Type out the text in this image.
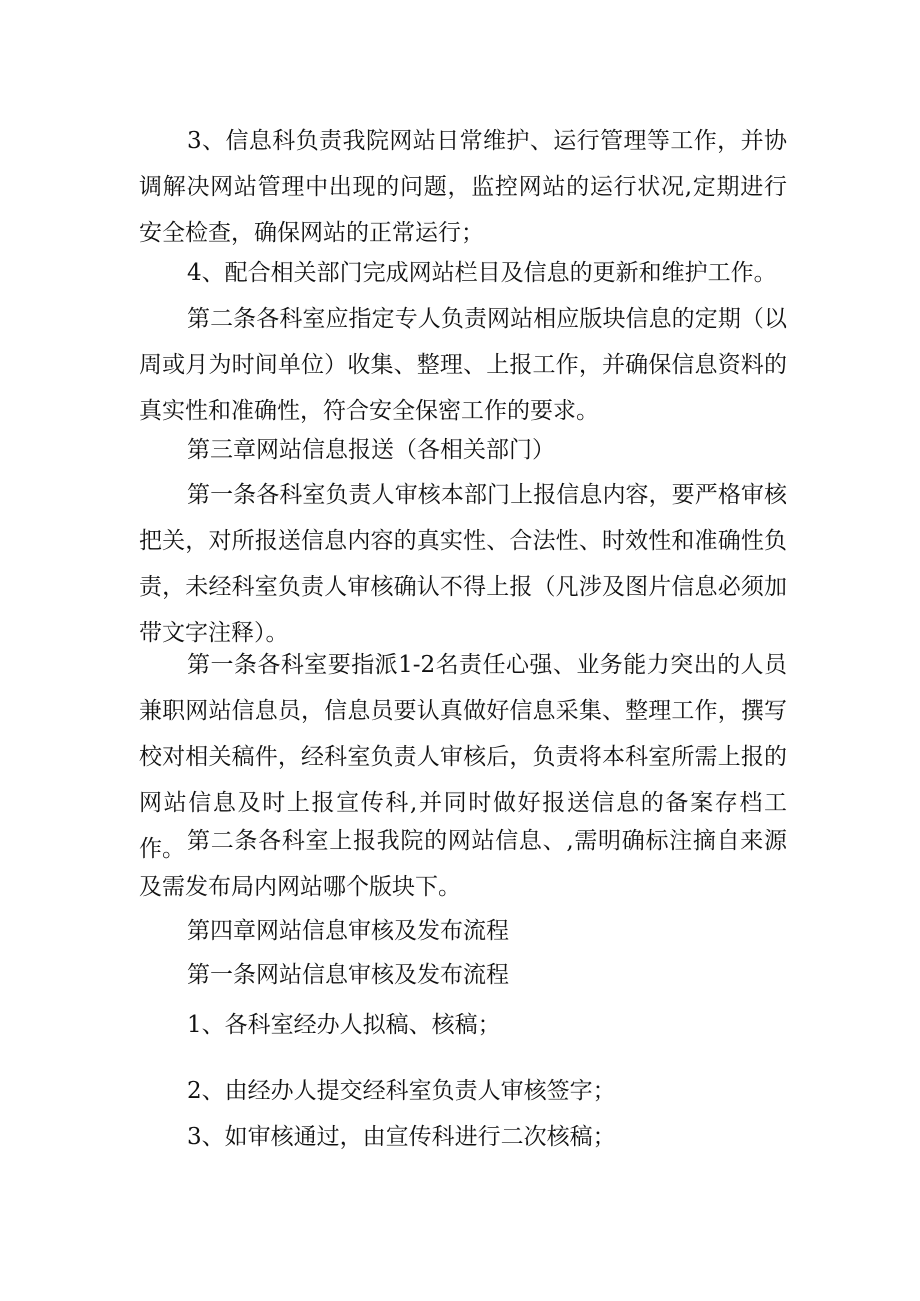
3、信息科负责我院网站日常维护、运行管理等工作，并协调解决网站管理中出现的问题，监控网站的运行状况,定期进行安全检查，确保网站的正常运行；

4、配合相关部门完成网站栏目及信息的更新和维护工作。

第二条各科室应指定专人负责网站相应版块信息的定期（以周或月为时间单位）收集、整理、上报工作，并确保信息资料的真实性和准确性，符合安全保密工作的要求。

第三章网站信息报送（各相关部门）

第一条各科室负责人审核本部门上报信息内容，要严格审核把关，对所报送信息内容的真实性、合法性、时效性和准确性负责，未经科室负责人审核确认不得上报（凡涉及图片信息必须加带文字注释）。

第一条各科室要指派1-2名责任心强、业务能力突出的人员兼职网站信息员，信息员要认真做好信息采集、整理工作，撰写校对相关稿件，经科室负责人审核后，负责将本科室所需上报的网站信息及时上报宣传科,并同时做好报送信息的备案存档工作。 第二条各科室上报我院的网站信息、,需明确标注摘自来源及需发布局内网站哪个版块下。

第四章网站信息审核及发布流程

第一条网站信息审核及发布流程

1、各科室经办人拟稿、核稿；

2、由经办人提交经科室负责人审核签字；

3、如审核通过，由宣传科进行二次核稿；
